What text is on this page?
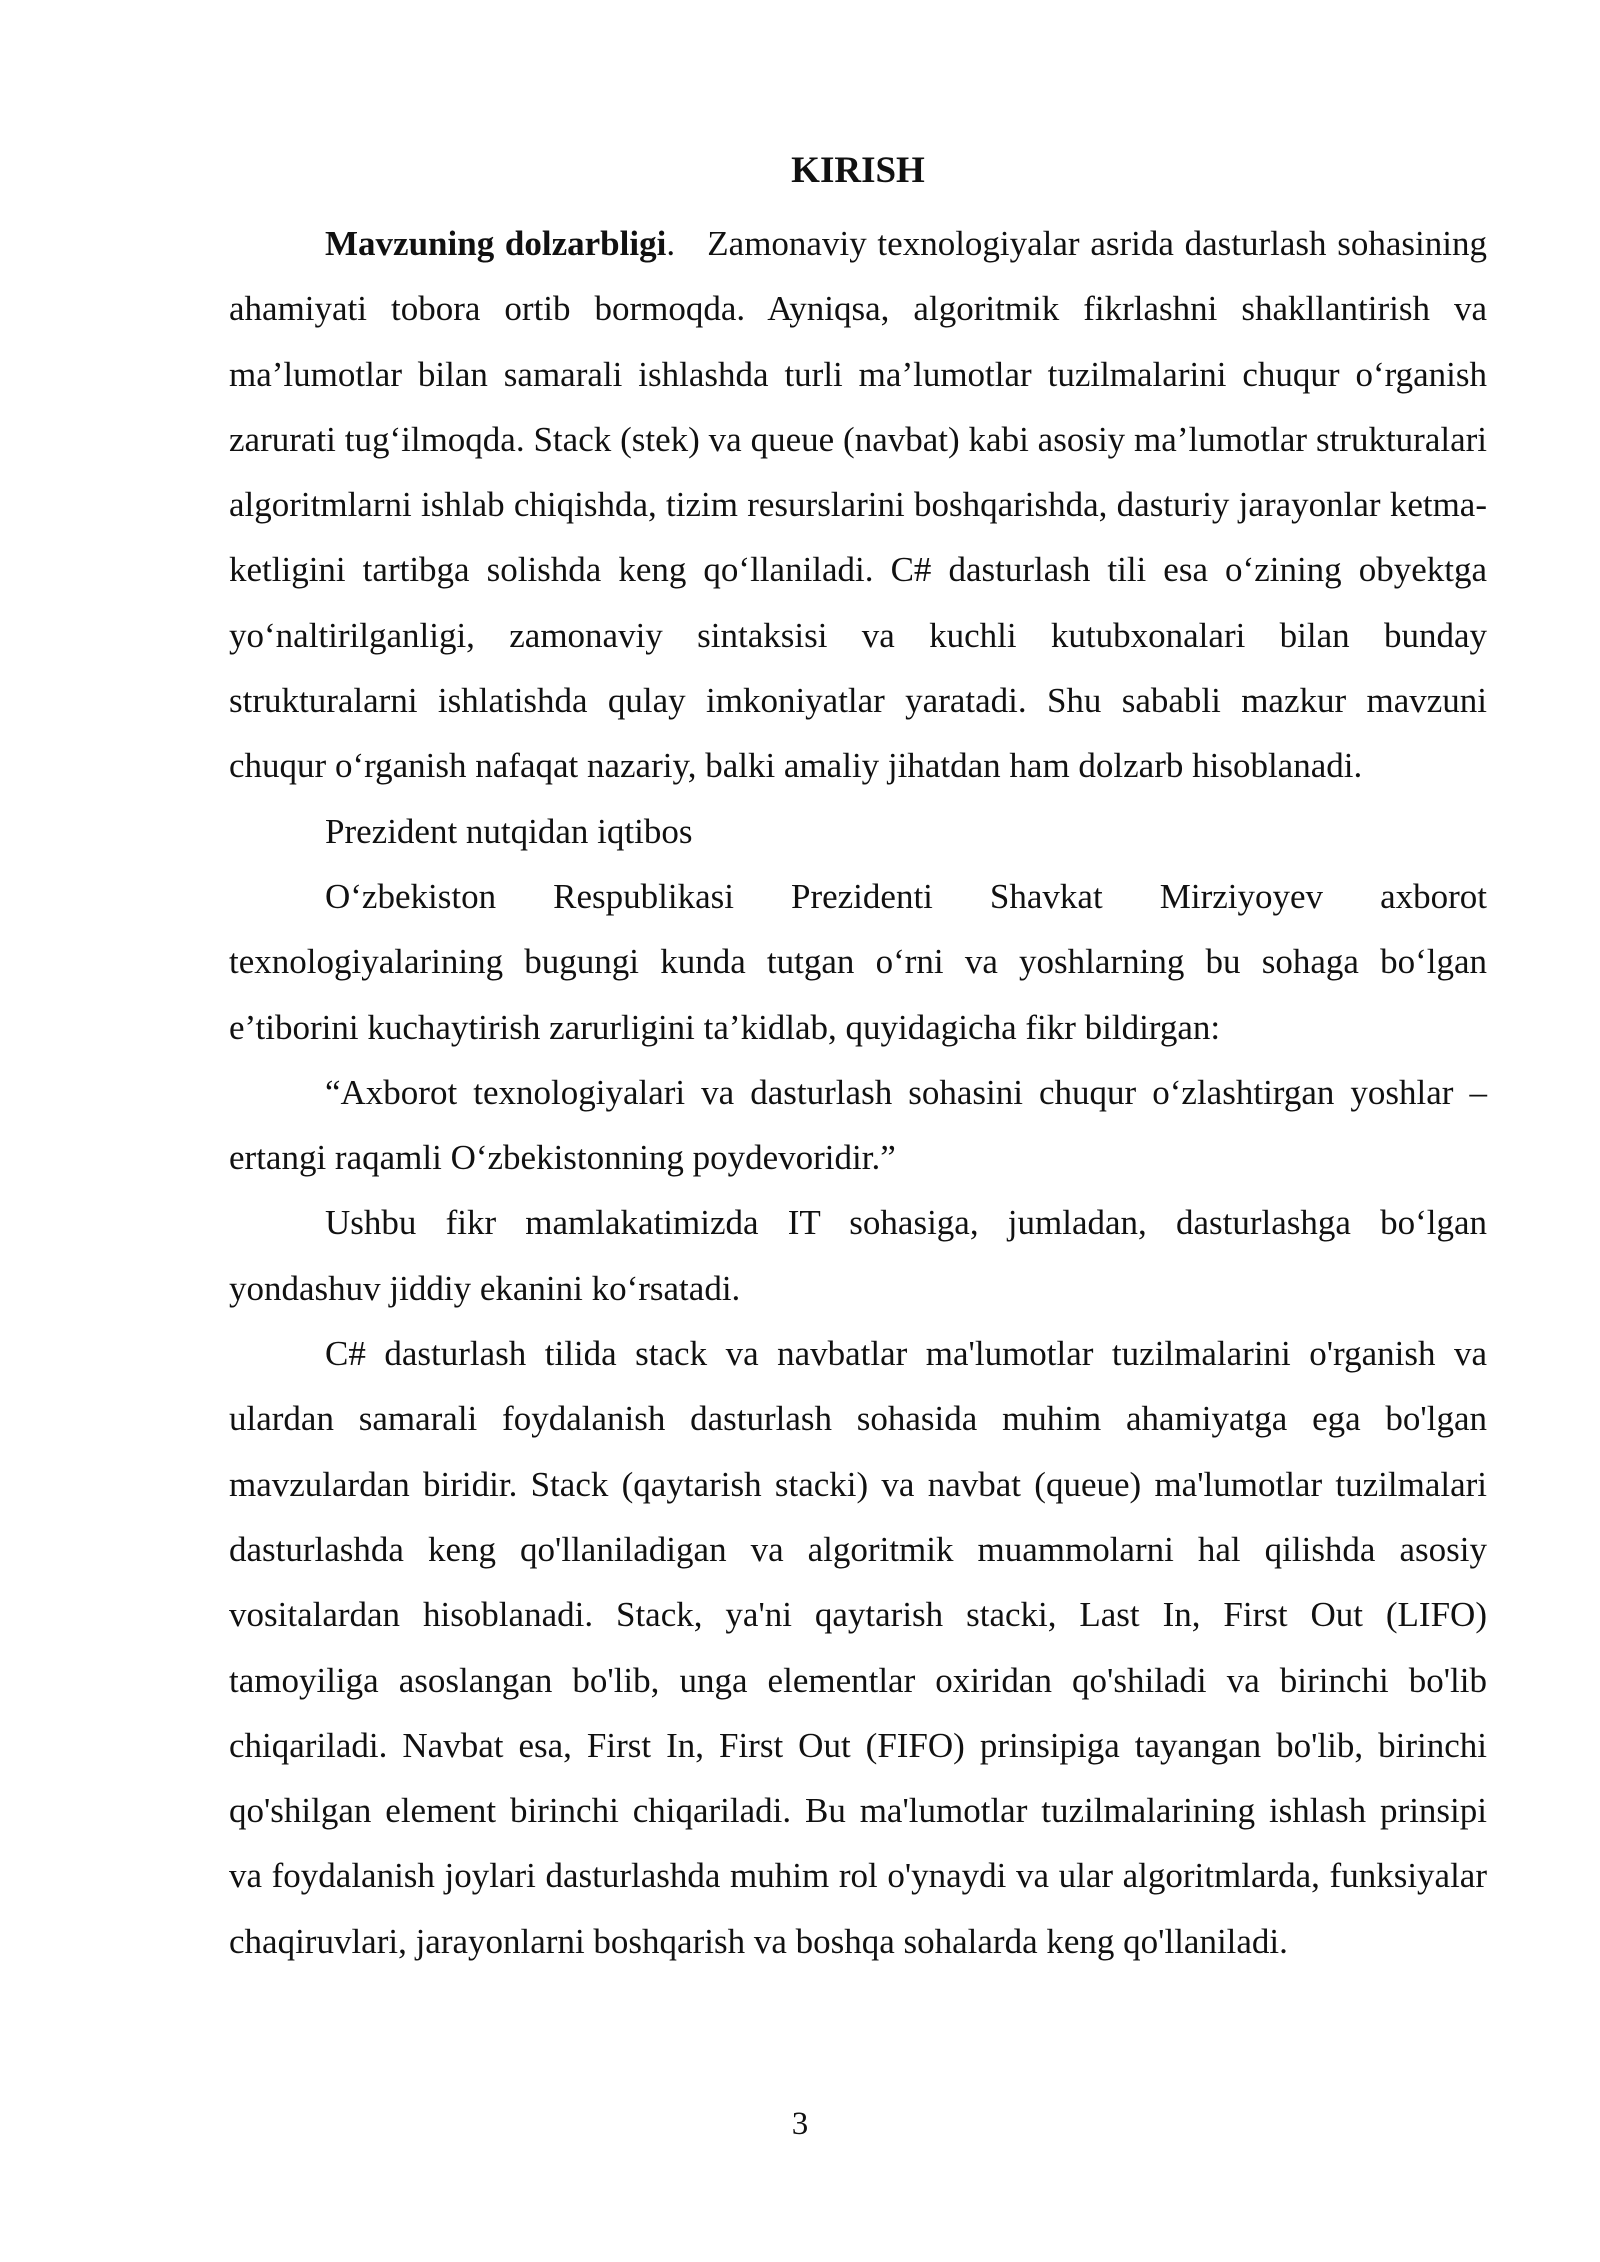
KIRISH

Mavzuning dolzarbligi. Zamonaviy texnologiyalar asrida dasturlash sohasining ahamiyati tobora ortib bormoqda. Ayniqsa, algoritmik fikrlashni shakllantirish va ma’lumotlar bilan samarali ishlashda turli ma’lumotlar tuzilmalarini chuqur o‘rganish zarurati tug‘ilmoqda. Stack (stek) va queue (navbat) kabi asosiy ma’lumotlar strukturalari algoritmlarni ishlab chiqishda, tizim resurslarini boshqarishda, dasturiy jarayonlar ketma-ketligini tartibga solishda keng qo‘llaniladi. C# dasturlash tili esa o‘zining obyektga yo‘naltirilganligi, zamonaviy sintaksisi va kuchli kutubxonalari bilan bunday strukturalarni ishlatishda qulay imkoniyatlar yaratadi. Shu sababli mazkur mavzuni chuqur o‘rganish nafaqat nazariy, balki amaliy jihatdan ham dolzarb hisoblanadi.

Prezident nutqidan iqtibos

O‘zbekiston Respublikasi Prezidenti Shavkat Mirziyoyev axborot texnologiyalarining bugungi kunda tutgan o‘rni va yoshlarning bu sohaga bo‘lgan e’tiborini kuchaytirish zarurligini ta’kidlab, quyidagicha fikr bildirgan:

“Axborot texnologiyalari va dasturlash sohasini chuqur o‘zlashtirgan yoshlar – ertangi raqamli O‘zbekistonning poydevoridir.”

Ushbu fikr mamlakatimizda IT sohasiga, jumladan, dasturlashga bo‘lgan yondashuv jiddiy ekanini ko‘rsatadi.

C# dasturlash tilida stack va navbatlar ma'lumotlar tuzilmalarini o'rganish va ulardan samarali foydalanish dasturlash sohasida muhim ahamiyatga ega bo'lgan mavzulardan biridir. Stack (qaytarish stacki) va navbat (queue) ma'lumotlar tuzilmalari dasturlashda keng qo'llaniladigan va algoritmik muammolarni hal qilishda asosiy vositalardan hisoblanadi. Stack, ya'ni qaytarish stacki, Last In, First Out (LIFO) tamoyiliga asoslangan bo'lib, unga elementlar oxiridan qo'shiladi va birinchi bo'lib chiqariladi. Navbat esa, First In, First Out (FIFO) prinsipiga tayangan bo'lib, birinchi qo'shilgan element birinchi chiqariladi. Bu ma'lumotlar tuzilmalarining ishlash prinsipi va foydalanish joylari dasturlashda muhim rol o'ynaydi va ular algoritmlarda, funksiyalar chaqiruvlari, jarayonlarni boshqarish va boshqa sohalarda keng qo'llaniladi.

3
